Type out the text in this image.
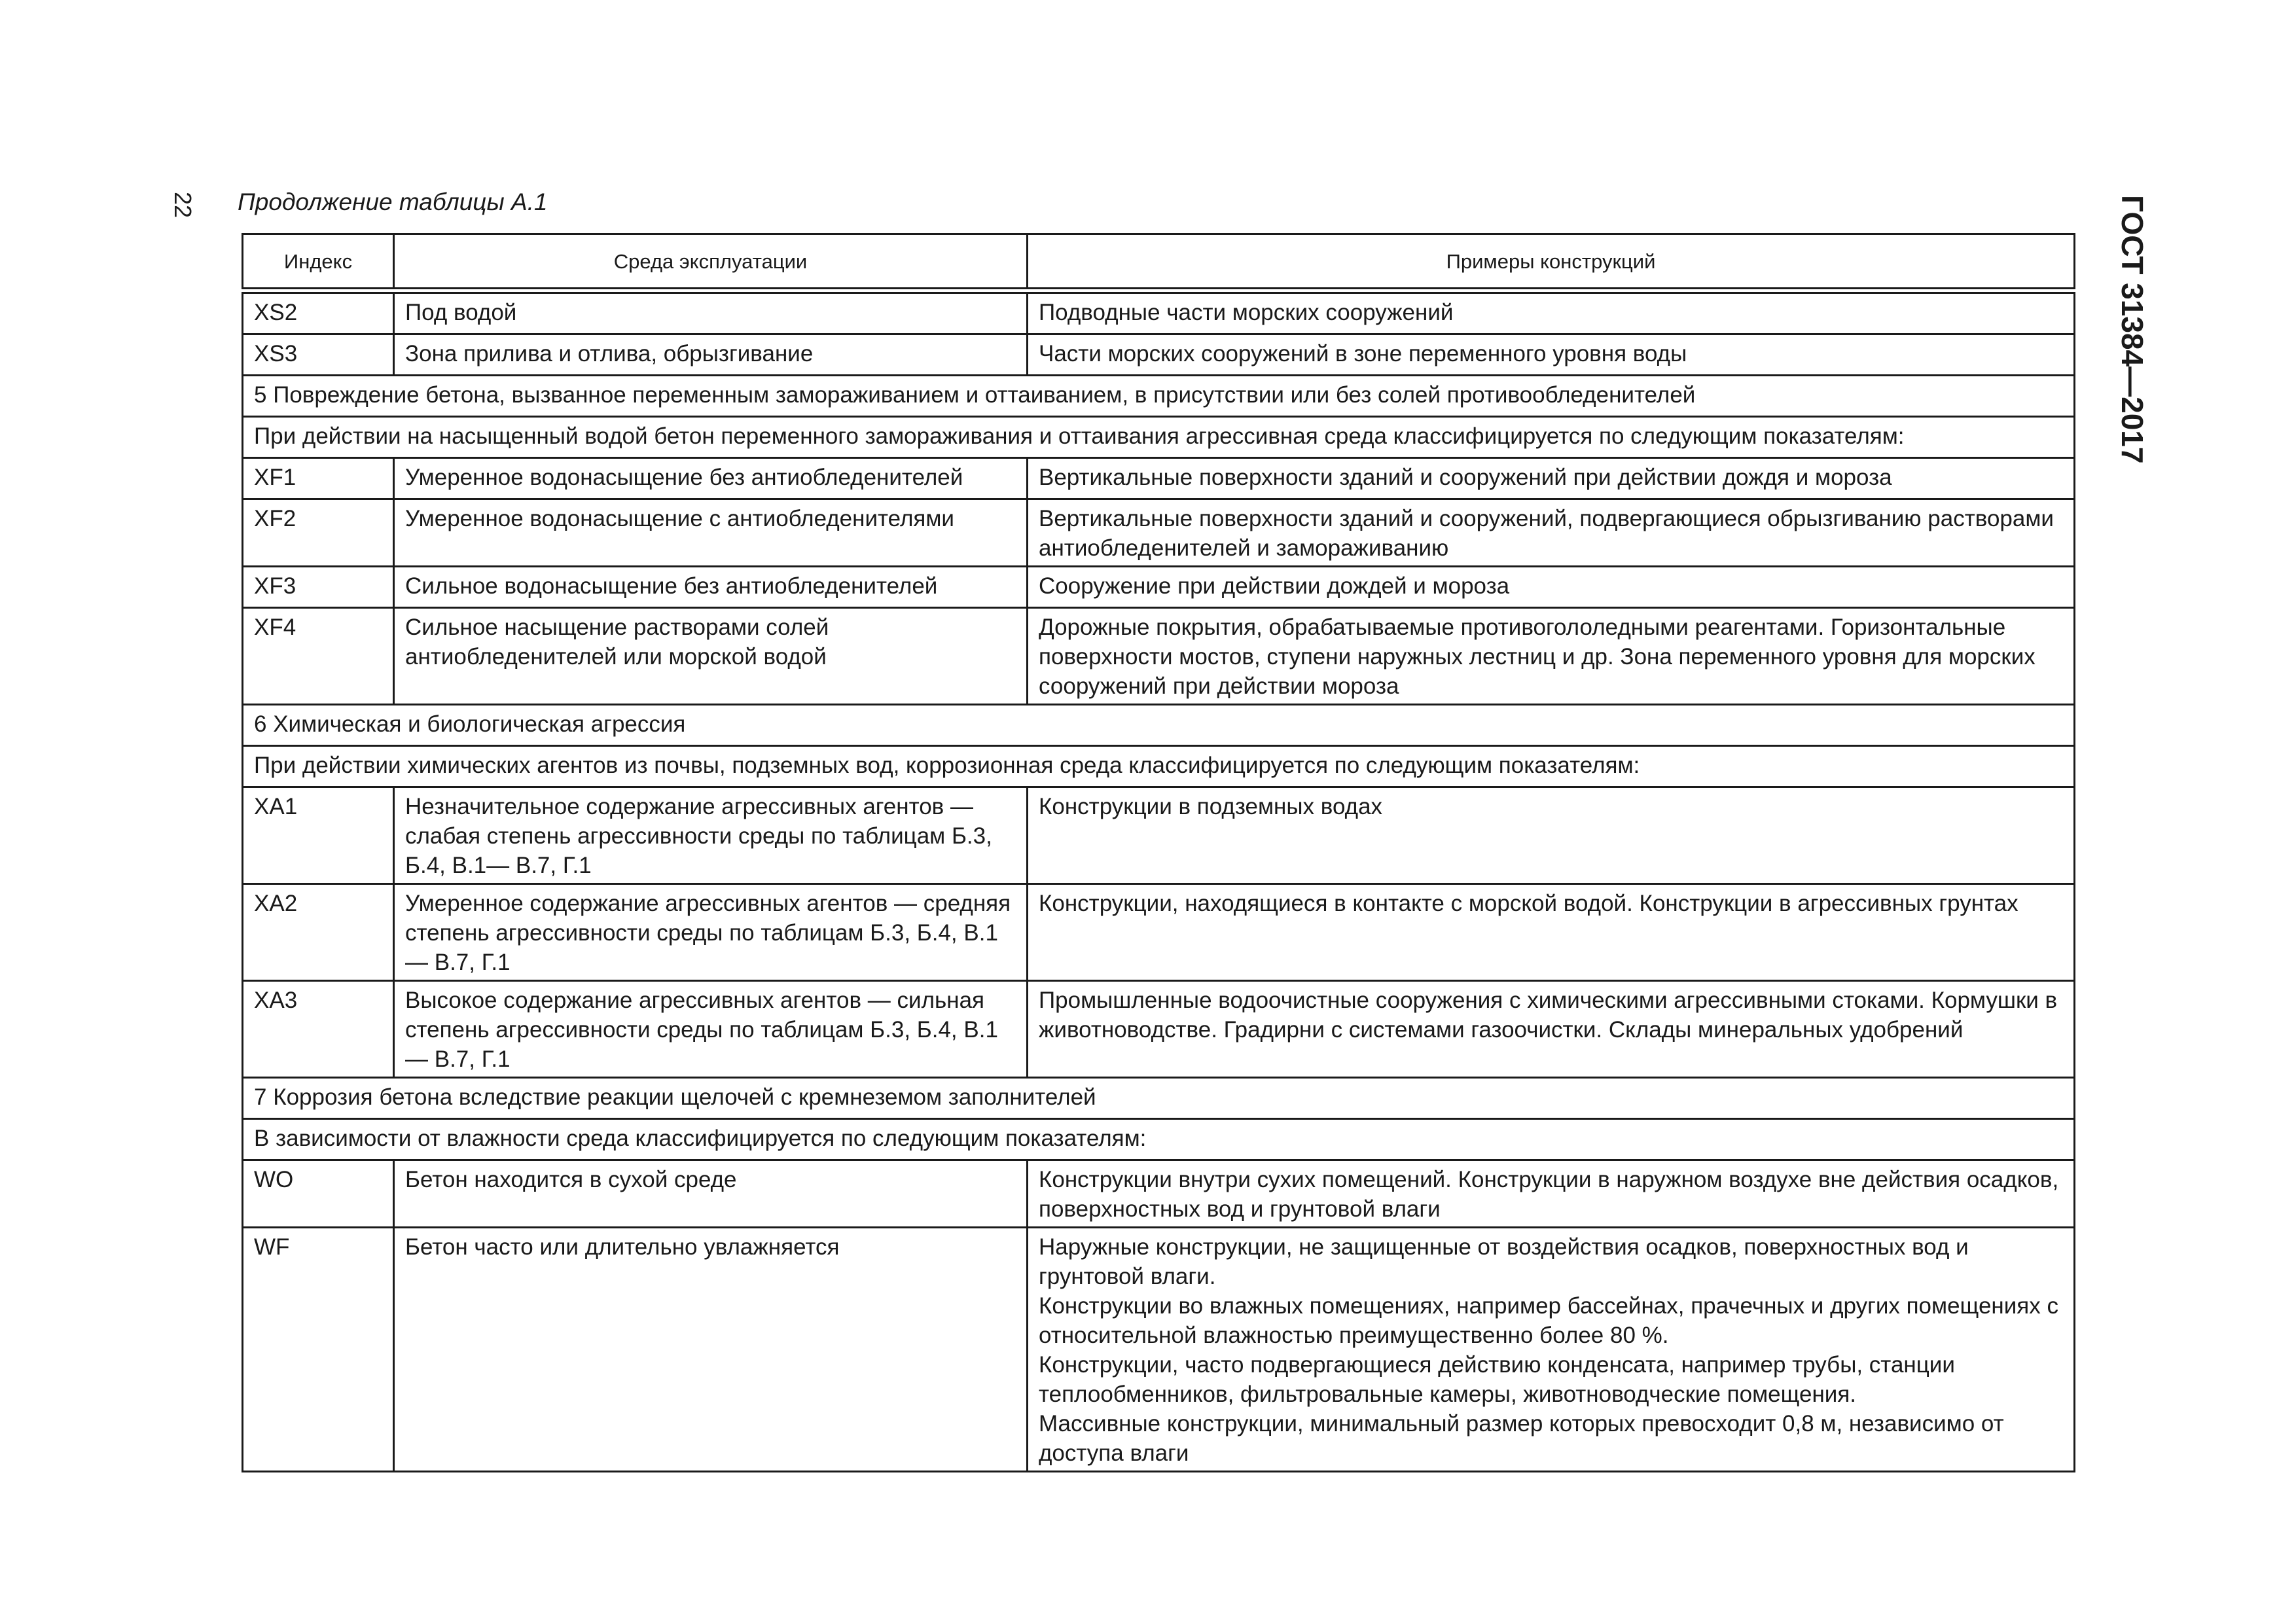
22 Продолжение таблицы А.1	ГОСТ 31384—2017
Индекс	Среда эксплуатации	Примеры конструкций
XS2	Под водой	Подводные части морских сооружений
XS3	Зона прилива и отлива, обрызгивание	Части морских сооружений в зоне переменного уровня воды
5 Повреждение бетона, вызванное переменным замораживанием и оттаиванием, в присутствии или без солей противообледенителей		
При действии на насыщенный водой бетон переменного замораживания и оттаивания агрессивная среда классифицируется по следующим показателям:		
XF1	Умеренное водонасыщение без антиобледенителей	Вертикальные поверхности зданий и сооружений при действии дождя и мороза
XF2	Умеренное водонасыщение с антиобледенителями	Вертикальные поверхности зданий и сооружений, подвергающиеся обрызгиванию растворами антиобледенителей и замораживанию
XF3	Сильное водонасыщение без антиобледенителей	Сооружение при действии дождей и мороза
XF4	Сильное насыщение растворами солей антиобледенителей или морской водой	Дорожные покрытия, обрабатываемые противогололедными реагентами. Горизонтальные поверхности мостов, ступени наружных лестниц и др. Зона переменного уровня для морских сооружений при действии мороза
6 Химическая и биологическая агрессия		
При действии химических агентов из почвы, подземных вод, коррозионная среда классифицируется по следующим показателям:		
XA1	Незначительное содержание агрессивных агентов — слабая степень агрессивности среды по таблицам Б.3, Б.4, В.1— В.7, Г.1	Конструкции в подземных водах
XA2	Умеренное содержание агрессивных агентов — средняя степень агрессивности среды по таблицам Б.3, Б.4, В.1— В.7, Г.1	Конструкции, находящиеся в контакте с морской водой. Конструкции в агрессивных грунтах
XA3	Высокое содержание агрессивных агентов — сильная степень агрессивности среды по таблицам Б.3, Б.4, В.1— В.7, Г.1	Промышленные водоочистные сооружения с химическими агрессивными стоками. Кормушки в животноводстве. Градирни с системами газоочистки. Склады минеральных удобрений
7 Коррозия бетона вследствие реакции щелочей с кремнеземом заполнителей		
В зависимости от влажности среда классифицируется по следующим показателям:		
WO	Бетон находится в сухой среде	Конструкции внутри сухих помещений. Конструкции в наружном воздухе вне действия осадков, поверхностных вод и грунтовой влаги
WF	Бетон часто или длительно увлажняется	Наружные конструкции, не защищенные от воздействия осадков, поверхностных вод и грунтовой влаги.
Конструкции во влажных помещениях, например бассейнах, прачечных и других помещениях с относительной влажностью преимущественно более 80 %.
Конструкции, часто подвергающиеся действию конденсата, например трубы, станции теплообменников, фильтровальные камеры, животноводческие помещения.
Массивные конструкции, минимальный размер которых превосходит 0,8 м, независимо от доступа влаги
